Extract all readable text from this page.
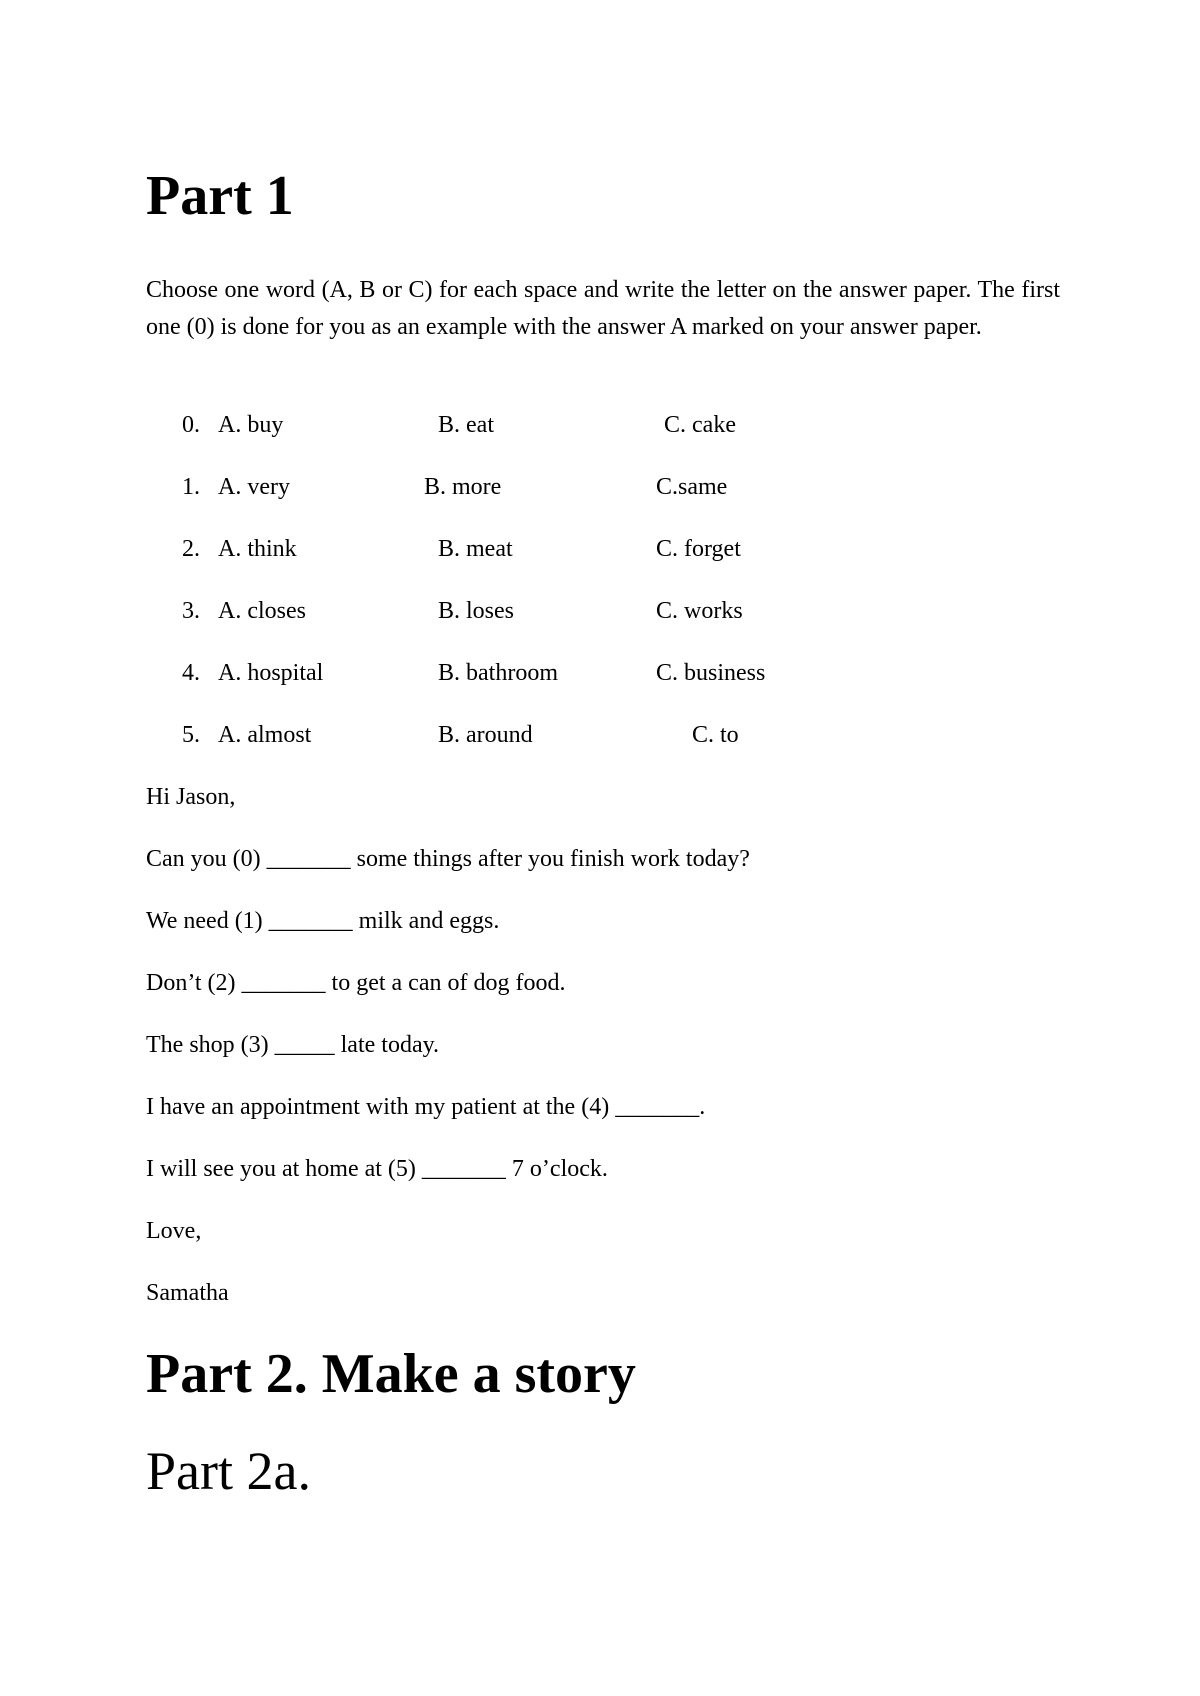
Part 1
Choose one word (A, B or C) for each space and write the letter on the answer paper. The first one (0) is done for you as an example with the answer A marked on your answer paper.
0. A. buy	B. eat	C. cake
1. A. very	B. more	C.same
2. A. think	B. meat	C. forget
3. A. closes	B. loses	C. works
4. A. hospital	B. bathroom	C. business
5. A. almost	B. around	C. to
Hi Jason,
Can you (0) _______ some things after you finish work today?
We need (1) _______ milk and eggs.
Don’t (2) _______ to get a can of dog food.
The shop (3) _____ late today.
I have an appointment with my patient at the (4) _______.
I will see you at home at (5) _______ 7 o’clock.
Love,
Samatha
Part 2. Make a story
Part 2a.
